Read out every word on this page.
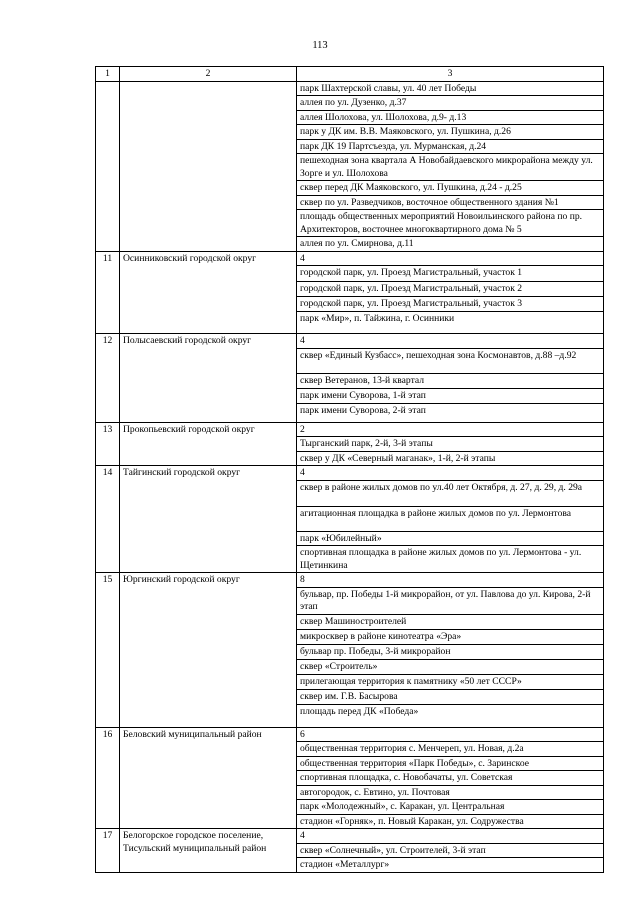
113
1	2	3
		парк Шахтерской славы, ул. 40 лет Победы
		аллея по ул. Дузенко, д.37
		аллея Шолохова, ул. Шолохова, д.9- д.13
		парк у ДК им. В.В. Маяковского, ул. Пушкина, д.26
		парк ДК 19 Партсъезда, ул. Мурманская, д.24
		пешеходная зона квартала А Новобайдаевского микрорайона между ул. Зорге и ул. Шолохова
		сквер перед ДК Маяковского, ул. Пушкина, д.24 - д.25
		сквер по ул. Разведчиков, восточное общественного здания №1
		площадь общественных мероприятий Новоильинского района по пр. Архитекторов, восточнее многоквартирного дома № 5
		аллея по ул. Смирнова, д.11
11	Осинниковский городской округ	4
		городской парк, ул. Проезд Магистральный, участок 1
		городской парк, ул. Проезд Магистральный, участок 2
		городской парк, ул. Проезд Магистральный, участок 3
		парк «Мир», п. Тайжина, г. Осинники
12	Полысаевский городской округ	4
		сквер «Единый Кузбасс», пешеходная зона Космонавтов, д.88 –д.92
		сквер Ветеранов, 13-й квартал
		парк имени Суворова, 1-й этап
		парк имени Суворова, 2-й этап
13	Прокопьевский городской округ	2
		Тырганский парк, 2-й, 3-й этапы
		сквер у ДК «Северный маганак», 1-й, 2-й этапы
14	Тайгинский городской округ	4
		сквер в районе жилых домов по ул.40 лет Октября, д. 27, д. 29, д. 29а
		агитационная площадка в районе жилых домов по ул. Лермонтова
		парк «Юбилейный»
		спортивная площадка в районе жилых домов по ул. Лермонтова - ул. Щетинкина
15	Юргинский городской округ	8
		бульвар, пр. Победы 1-й микрорайон, от ул. Павлова до ул. Кирова, 2-й этап
		сквер Машиностроителей
		микросквер в районе кинотеатра «Эра»
		бульвар пр. Победы, 3-й микрорайон
		сквер «Строитель»
		прилегающая территория к памятнику «50 лет СССР»
		сквер им. Г.В. Басырова
		площадь перед ДК «Победа»
16	Беловский муниципальный район	6
		общественная территория с. Менчереп, ул. Новая, д.2а
		общественная территория «Парк Победы», с. Заринское
		спортивная площадка, с. Новобачаты, ул. Советская
		автогородок, с. Евтино, ул. Почтовая
		парк «Молодежный», с. Каракан, ул. Центральная
		стадион «Горняк», п. Новый Каракан, ул. Содружества
17	Белогорское городское поселение, Тисульский муниципальный район	4
		сквер «Солнечный», ул. Строителей, 3-й этап
		стадион «Металлург»
